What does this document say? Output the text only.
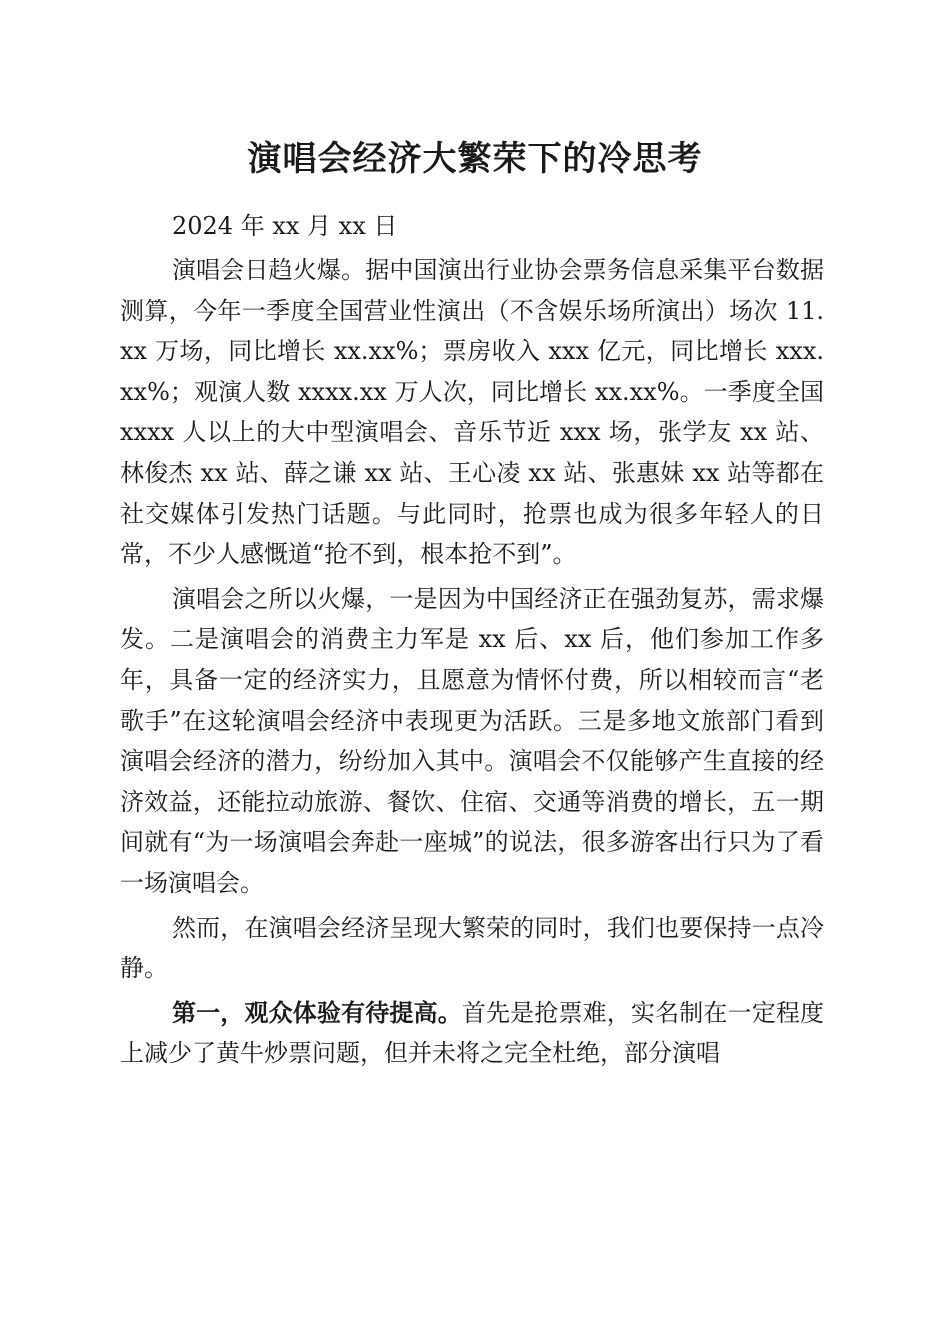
演唱会经济大繁荣下的冷思考

2024 年 xx 月 xx 日

演唱会日趋火爆。据中国演出行业协会票务信息采集平台数据测算，今年一季度全国营业性演出（不含娱乐场所演出）场次 11.xx 万场，同比增长 xx.xx%；票房收入 xxx 亿元，同比增长 xxx.xx%；观演人数 xxxx.xx 万人次，同比增长 xx.xx%。一季度全国 xxxx 人以上的大中型演唱会、音乐节近 xxx 场，张学友 xx 站、林俊杰 xx 站、薛之谦 xx 站、王心凌 xx 站、张惠妹 xx 站等都在社交媒体引发热门话题。与此同时，抢票也成为很多年轻人的日常，不少人感慨道“抢不到，根本抢不到”。

演唱会之所以火爆，一是因为中国经济正在强劲复苏，需求爆发。二是演唱会的消费主力军是 xx 后、xx 后，他们参加工作多年，具备一定的经济实力，且愿意为情怀付费，所以相较而言“老歌手”在这轮演唱会经济中表现更为活跃。三是多地文旅部门看到演唱会经济的潜力，纷纷加入其中。演唱会不仅能够产生直接的经济效益，还能拉动旅游、餐饮、住宿、交通等消费的增长，五一期间就有“为一场演唱会奔赴一座城”的说法，很多游客出行只为了看一场演唱会。

然而，在演唱会经济呈现大繁荣的同时，我们也要保持一点冷静。

第一，观众体验有待提高。首先是抢票难，实名制在一定程度上减少了黄牛炒票问题，但并未将之完全杜绝，部分演唱
